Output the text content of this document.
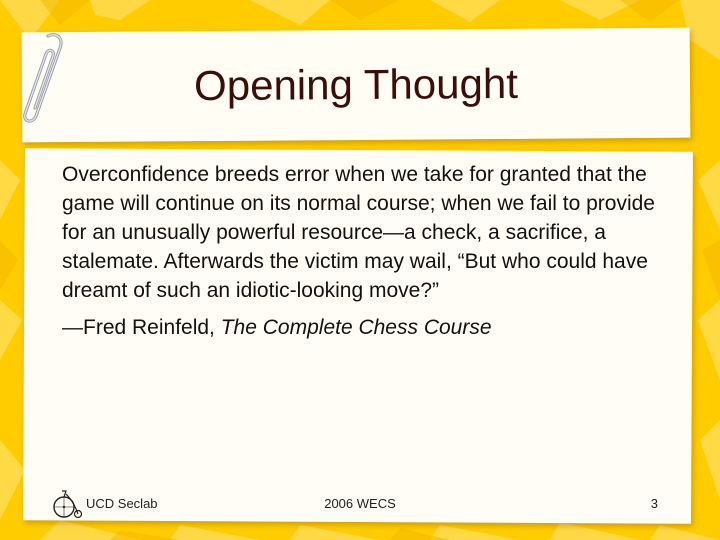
Opening Thought

Overconfidence breeds error when we take for granted that the game will continue on its normal course; when we fail to provide for an unusually powerful resource—a check, a sacrifice, a stalemate. Afterwards the victim may wail, “But who could have dreamt of such an idiotic-looking move?”

—Fred Reinfeld, The Complete Chess Course

UCD Seclab	2006 WECS	3
